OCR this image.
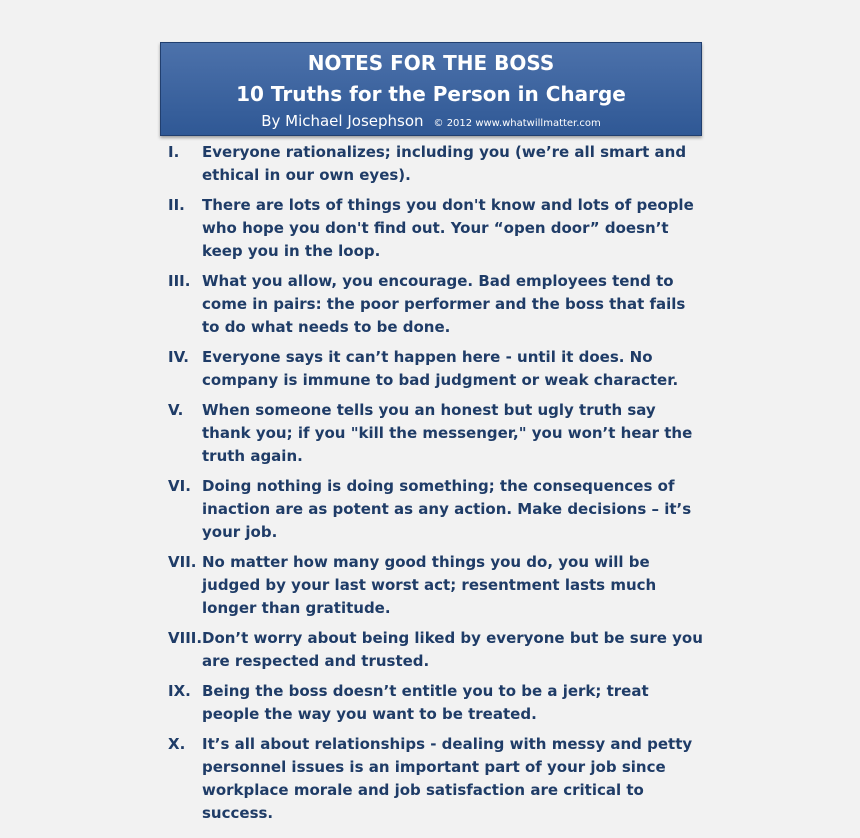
NOTES FOR THE BOSS
10 Truths for the Person in Charge
By Michael Josephson © 2012 www.whatwillmatter.com
I.	Everyone rationalizes; including you (we’re all smart and ethical in our own eyes).
II.	There are lots of things you don't know and lots of people who hope you don't find out. Your “open door” doesn’t keep you in the loop.
III. What you allow, you encourage. Bad employees tend to come in pairs: the poor performer and the boss that fails to do what needs to be done.
IV. Everyone says it can’t happen here - until it does. No company is immune to bad judgment or weak character.
V.	When someone tells you an honest but ugly truth say thank you; if you "kill the messenger," you won’t hear the truth again.
VI. Doing nothing is doing something; the consequences of inaction are as potent as any action. Make decisions – it’s your job.
VII. No matter how many good things you do, you will be judged by your last worst act; resentment lasts much longer than gratitude.
VIII. Don’t worry about being liked by everyone but be sure you are respected and trusted.
IX. Being the boss doesn’t entitle you to be a jerk; treat people the way you want to be treated.
X.	It’s all about relationships - dealing with messy and petty personnel issues is an important part of your job since workplace morale and job satisfaction are critical to success.
